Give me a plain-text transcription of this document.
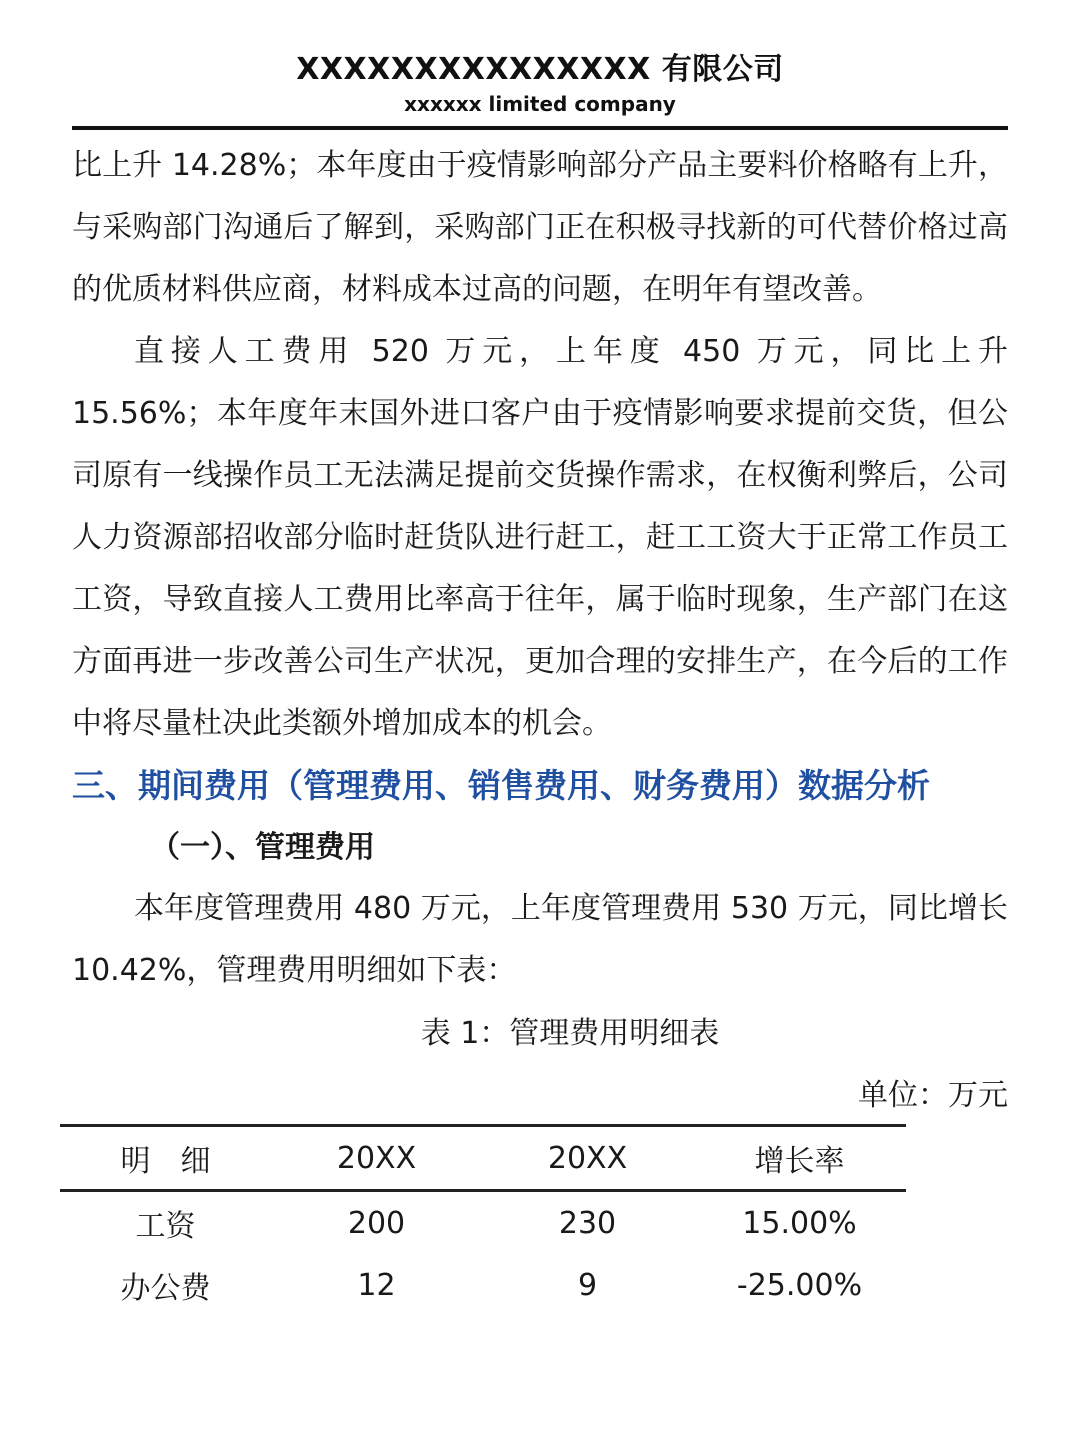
XXXXXXXXXXXXXXX 有限公司
xxxxxx limited company

比上升 14.28%；本年度由于疫情影响部分产品主要料价格略有上升，与采购部门沟通后了解到，采购部门正在积极寻找新的可代替价格过高的优质材料供应商，材料成本过高的问题，在明年有望改善。

直接人工费用 520 万元，上年度 450 万元，同比上升 15.56%；本年度年末国外进口客户由于疫情影响要求提前交货，但公司原有一线操作员工无法满足提前交货操作需求，在权衡利弊后，公司人力资源部招收部分临时赶货队进行赶工，赶工工资大于正常工作员工工资，导致直接人工费用比率高于往年，属于临时现象，生产部门在这方面再进一步改善公司生产状况，更加合理的安排生产，在今后的工作中将尽量杜决此类额外增加成本的机会。

三、期间费用（管理费用、销售费用、财务费用）数据分析
（一）、管理费用

本年度管理费用 480 万元，上年度管理费用 530 万元，同比增长 10.42%，管理费用明细如下表：

表 1：管理费用明细表
单位：万元
明　细	20XX	20XX	增长率
工资	200	230	15.00%
办公费	12	9	-25.00%
